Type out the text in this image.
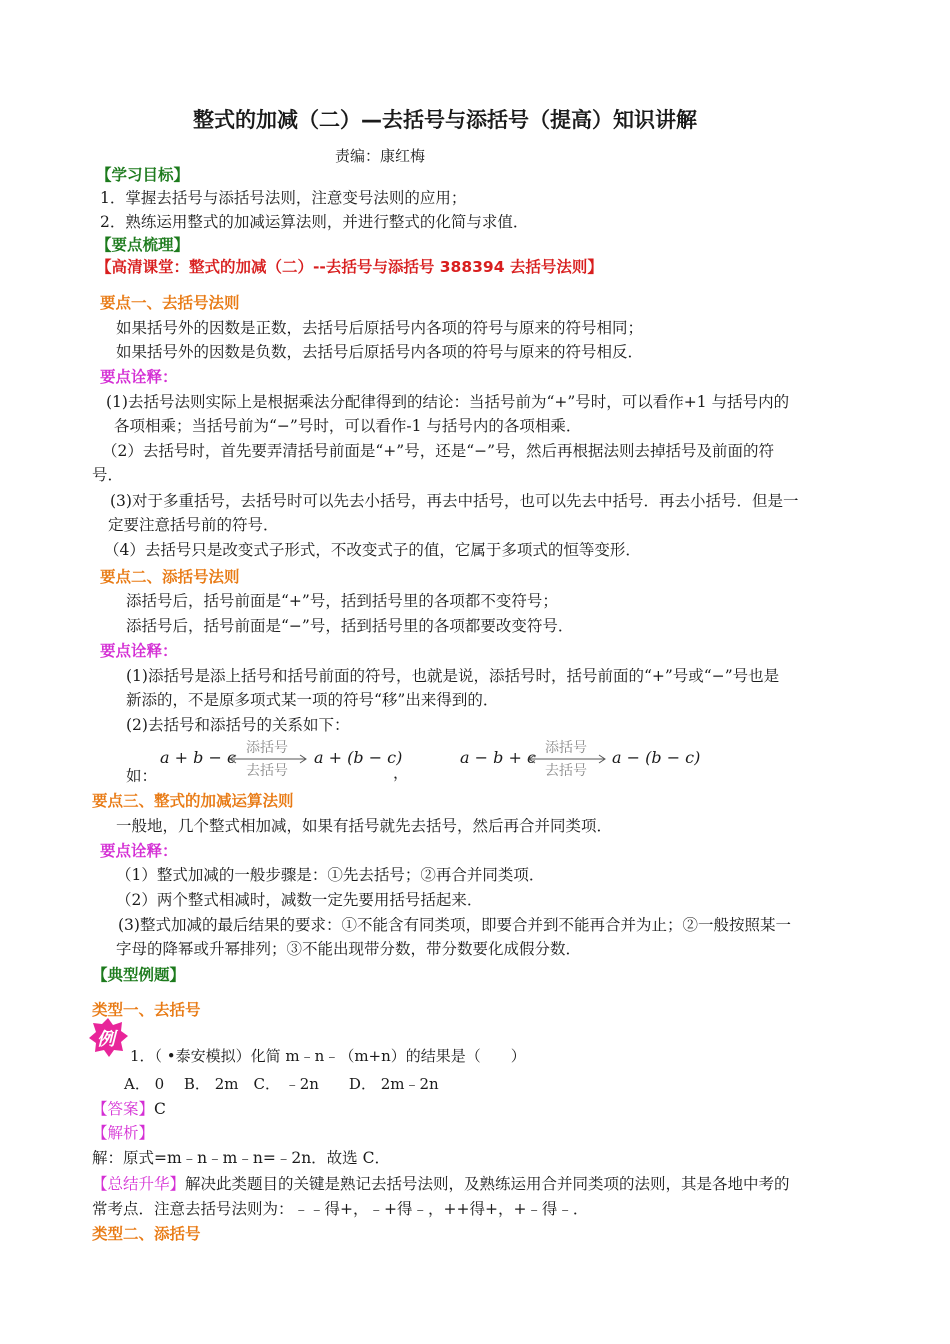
整式的加减（二）—去括号与添括号（提高）知识讲解
责编：康红梅
【学习目标】
1．掌握去括号与添括号法则，注意变号法则的应用；
2．熟练运用整式的加减运算法则，并进行整式的化简与求值．
【要点梳理】
【高清课堂：整式的加减（二）--去括号与添括号 388394 去括号法则】
要点一、去括号法则
如果括号外的因数是正数，去括号后原括号内各项的符号与原来的符号相同；
如果括号外的因数是负数，去括号后原括号内各项的符号与原来的符号相反．
要点诠释：
(1)去括号法则实际上是根据乘法分配律得到的结论：当括号前为“+”号时，可以看作+1 与括号内的
各项相乘；当括号前为“−”号时，可以看作-1 与括号内的各项相乘．
（2）去括号时，首先要弄清括号前面是“+”号，还是“−”号，然后再根据法则去掉括号及前面的符
号．
(3)对于多重括号，去括号时可以先去小括号，再去中括号，也可以先去中括号．再去小括号．但是一
定要注意括号前的符号．
（4）去括号只是改变式子形式，不改变式子的值，它属于多项式的恒等变形．
要点二、添括号法则
添括号后，括号前面是“+”号，括到括号里的各项都不变符号；
添括号后，括号前面是“−”号，括到括号里的各项都要改变符号．
要点诠释：
(1)添括号是添上括号和括号前面的符号，也就是说，添括号时，括号前面的“+”号或“−”号也是
新添的，不是原多项式某一项的符号“移”出来得到的．
(2)去括号和添括号的关系如下：
如：
a + b − c 添括号
去括号
a + (b − c)
，
a − b + c 添括号
去括号
a − (b − c)
要点三、整式的加减运算法则
一般地，几个整式相加减，如果有括号就先去括号，然后再合并同类项．
要点诠释：
（1）整式加减的一般步骤是：①先去括号；②再合并同类项．
（2）两个整式相减时，减数一定先要用括号括起来．
(3)整式加减的最后结果的要求：①不能含有同类项，即要合并到不能再合并为止；②一般按照某一
字母的降幂或升幂排列；③不能出现带分数，带分数要化成假分数．
【典型例题】
类型一、去括号
例
1．（ •泰安模拟）化简 m﹣n﹣（m+n）的结果是（　　）
A． 0　 B． 2m　C． ﹣2n　　D． 2m﹣2n
【答案】C
【解析】
解：原式=m﹣n﹣m﹣n=﹣2n．故选 C．
【总结升华】解决此类题目的关键是熟记去括号法则，及熟练运用合并同类项的法则，其是各地中考的
常考点．注意去括号法则为：﹣﹣得+，﹣+得﹣，++得+，+﹣得﹣．
类型二、添括号
